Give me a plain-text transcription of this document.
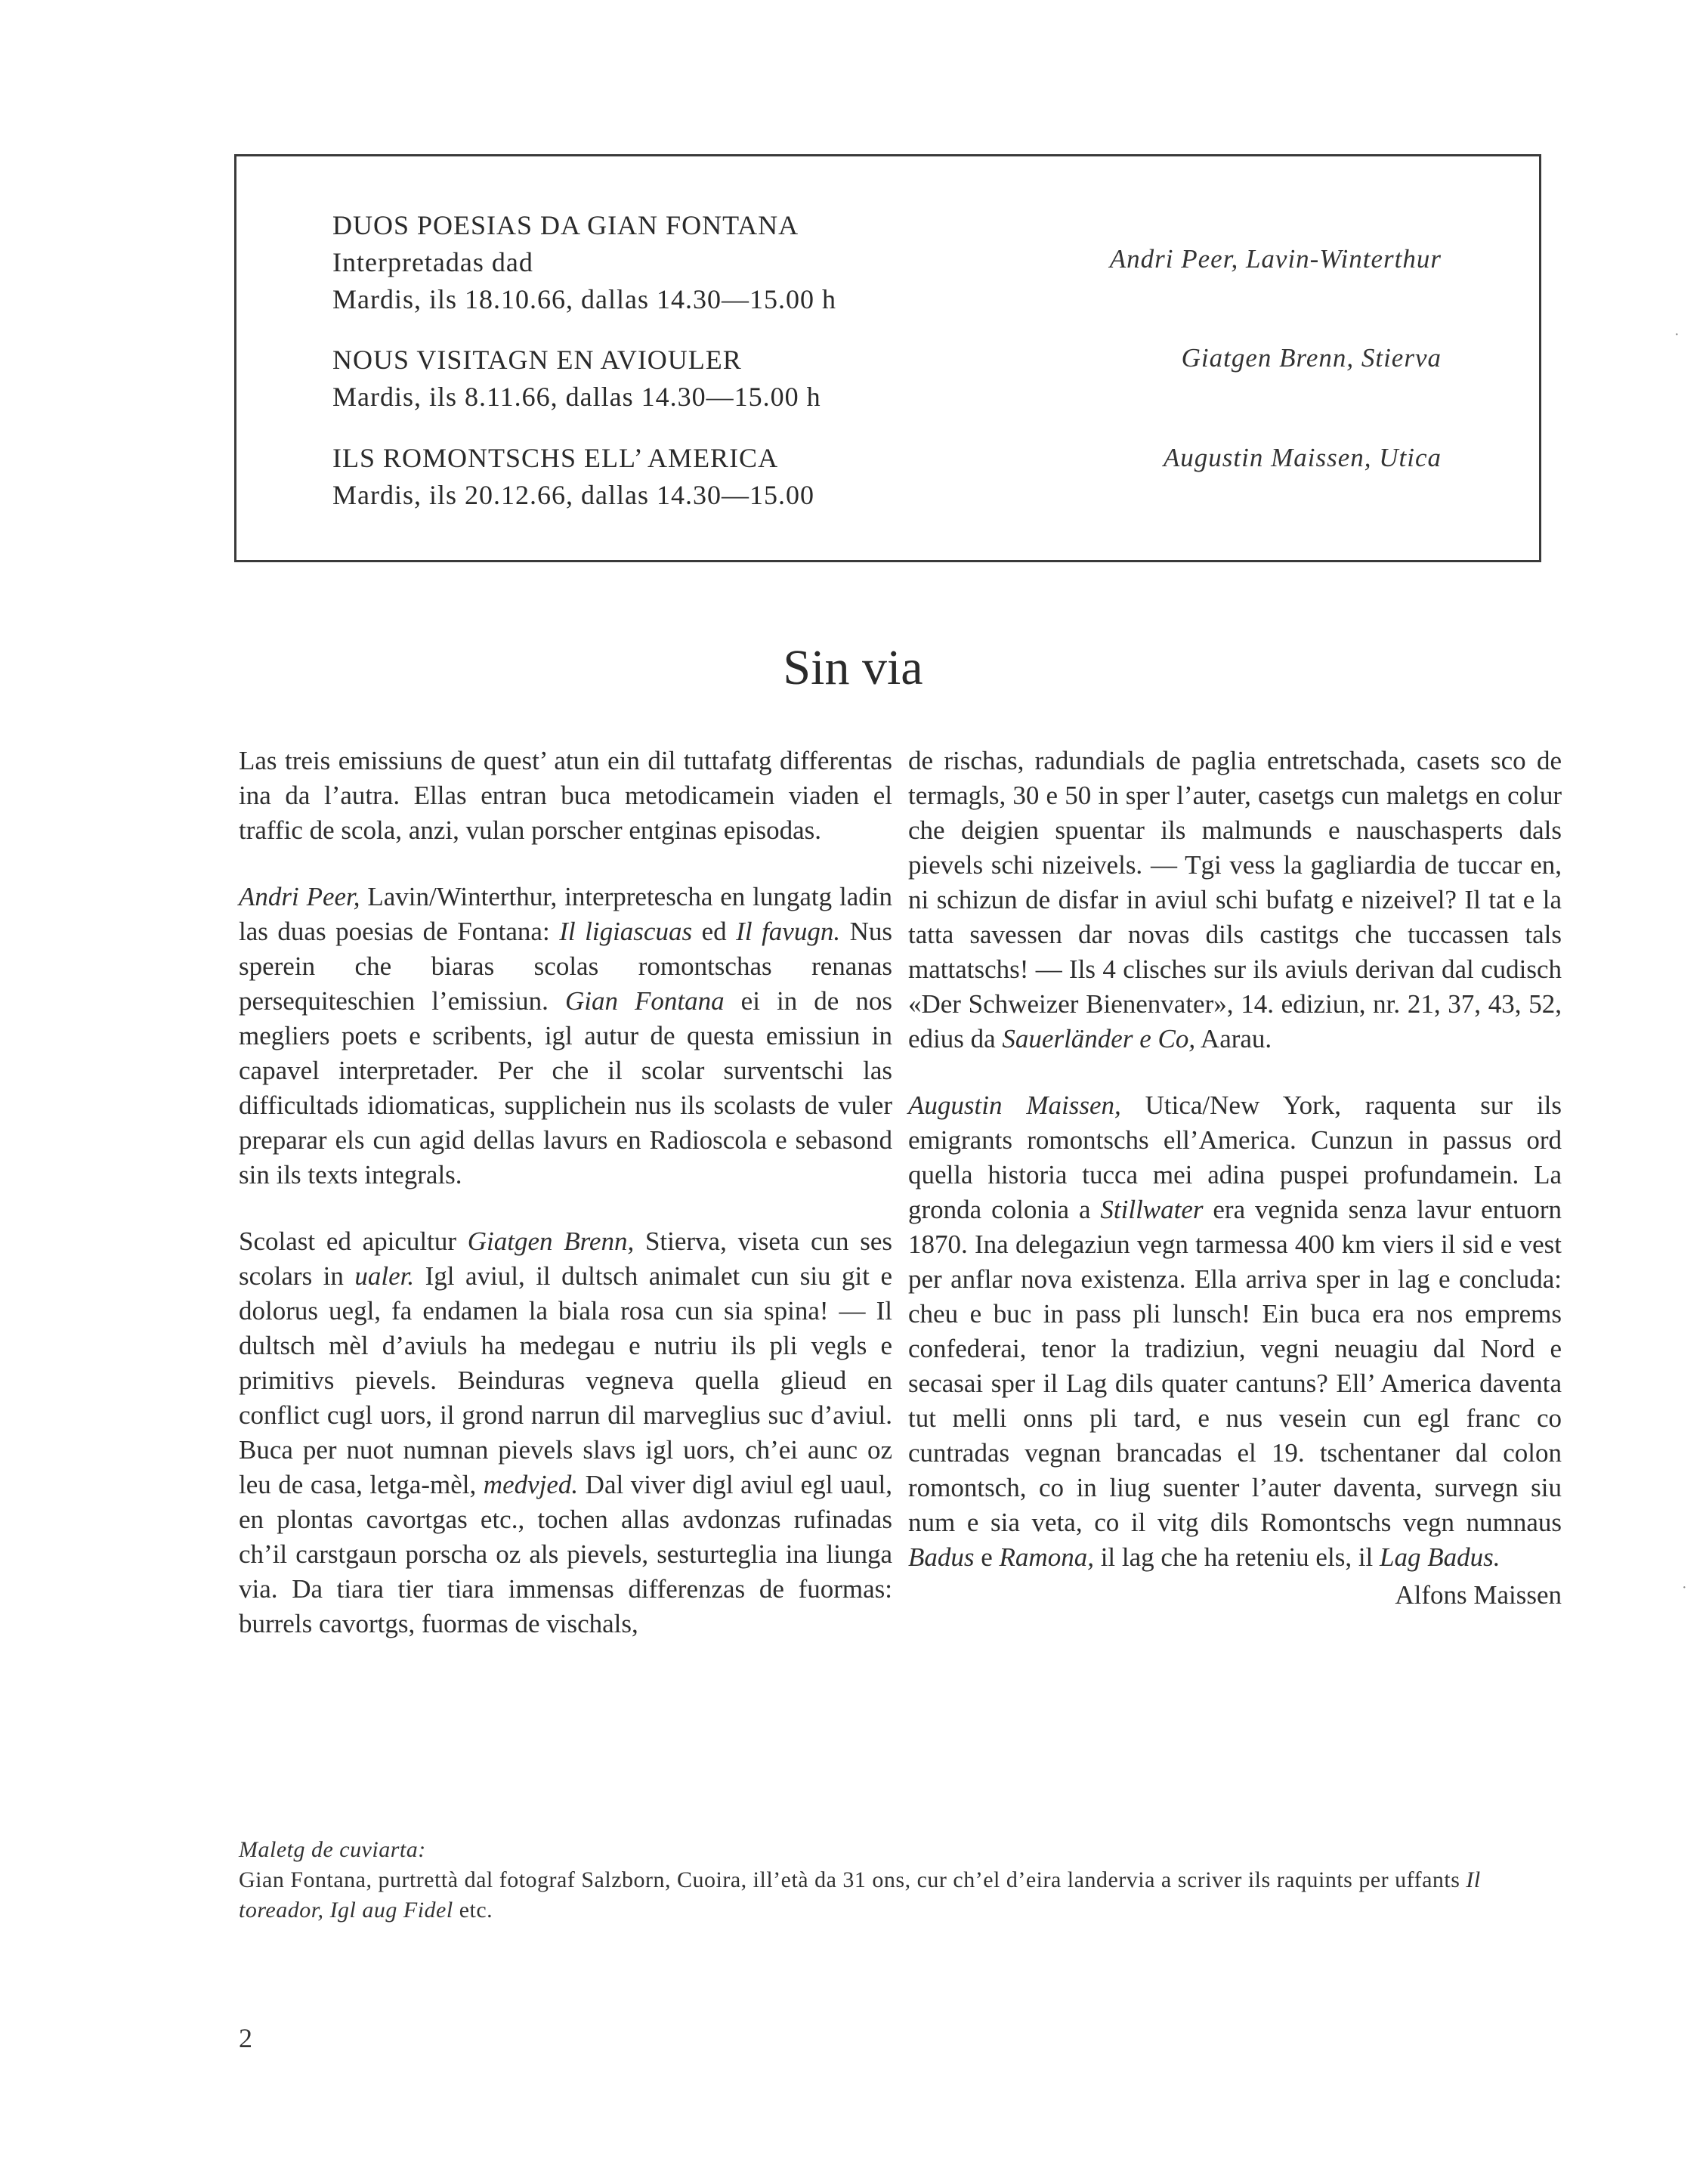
DUOS POESIAS DA GIAN FONTANA
Interpretadas dad
Mardis, ils 18.10.66, dallas 14.30—15.00 h
Andri Peer, Lavin-Winterthur
NOUS VISITAGN EN AVIOULER
Mardis, ils 8.11.66, dallas 14.30—15.00 h
Giatgen Brenn, Stierva
ILS ROMONTSCHS ELL’ AMERICA
Mardis, ils 20.12.66, dallas 14.30—15.00
Augustin Maissen, Utica
Sin via

Las treis emissiuns de quest’ atun ein dil tuttafatg differentas ina da l’autra. Ellas entran buca metodicamein viaden el traffic de scola, anzi, vulan porscher entginas episodas.

Andri Peer, Lavin/Winterthur, interpretescha en lungatg ladin las duas poesias de Fontana: Il ligiascuas ed Il favugn. Nus sperein che biaras scolas romontschas renanas persequiteschien l’emissiun. Gian Fontana ei in de nos megliers poets e scribents, igl autur de questa emissiun in capavel interpretader. Per che il scolar surventschi las difficultads idiomaticas, supplichein nus ils scolasts de vuler preparar els cun agid dellas lavurs en Radioscola e sebasond sin ils texts integrals.

Scolast ed apicultur Giatgen Brenn, Stierva, viseta cun ses scolars in ualer. Igl aviul, il dultsch animalet cun siu git e dolorus uegl, fa endamen la biala rosa cun sia spina! — Il dultsch mèl d’aviuls ha medegau e nutriu ils pli vegls e primitivs pievels. Beinduras vegneva quella glieud en conflict cugl uors, il grond narrun dil marveglius suc d’aviul. Buca per nuot numnan pievels slavs igl uors, ch’ei aunc oz leu de casa, letga-mèl, medvjed. Dal viver digl aviul egl uaul, en plontas cavortgas etc., tochen allas avdonzas rufinadas ch’il carstgaun porscha oz als pievels, sesturteglia ina liunga via. Da tiara tier tiara immensas differenzas de fuormas: burrels cavortgs, fuormas de vischals,

de rischas, radundials de paglia entretschada, casets sco de termagls, 30 e 50 in sper l’auter, casetgs cun maletgs en colur che deigien spuentar ils malmunds e nauschasperts dals pievels schi nizeivels. — Tgi vess la gagliardia de tuccar en, ni schizun de disfar in aviul schi bufatg e nizeivel? Il tat e la tatta savessen dar novas dils castitgs che tuccassen tals mattatschs! — Ils 4 clisches sur ils aviuls derivan dal cudisch «Der Schweizer Bienenvater», 14. ediziun, nr. 21, 37, 43, 52, edius da Sauerländer e Co, Aarau.

Augustin Maissen, Utica/New York, raquenta sur ils emigrants romontschs ell’America. Cunzun in passus ord quella historia tucca mei adina puspei profundamein. La gronda colonia a Stillwater era vegnida senza lavur entuorn 1870. Ina delegaziun vegn tarmessa 400 km viers il sid e vest per anflar nova existenza. Ella arriva sper in lag e concluda: cheu e buc in pass pli lunsch! Ein buca era nos emprems confederai, tenor la tradiziun, vegni neuagiu dal Nord e secasai sper il Lag dils quater cantuns? Ell’ America daventa tut melli onns pli tard, e nus vesein cun egl franc co cuntradas vegnan brancadas el 19. tschentaner dal colon romontsch, co in liug suenter l’auter daventa, survegn siu num e sia veta, co il vitg dils Romontschs vegn numnaus Badus e Ramona, il lag che ha reteniu els, il Lag Badus.

Alfons Maissen
Maletg de cuviarta:
Gian Fontana, purtrettà dal fotograf Salzborn, Cuoira, ill’età da 31 ons, cur ch’el d’eira landervia a scriver ils raquints per uffants Il toreador, Igl aug Fidel etc.
2
·
·
